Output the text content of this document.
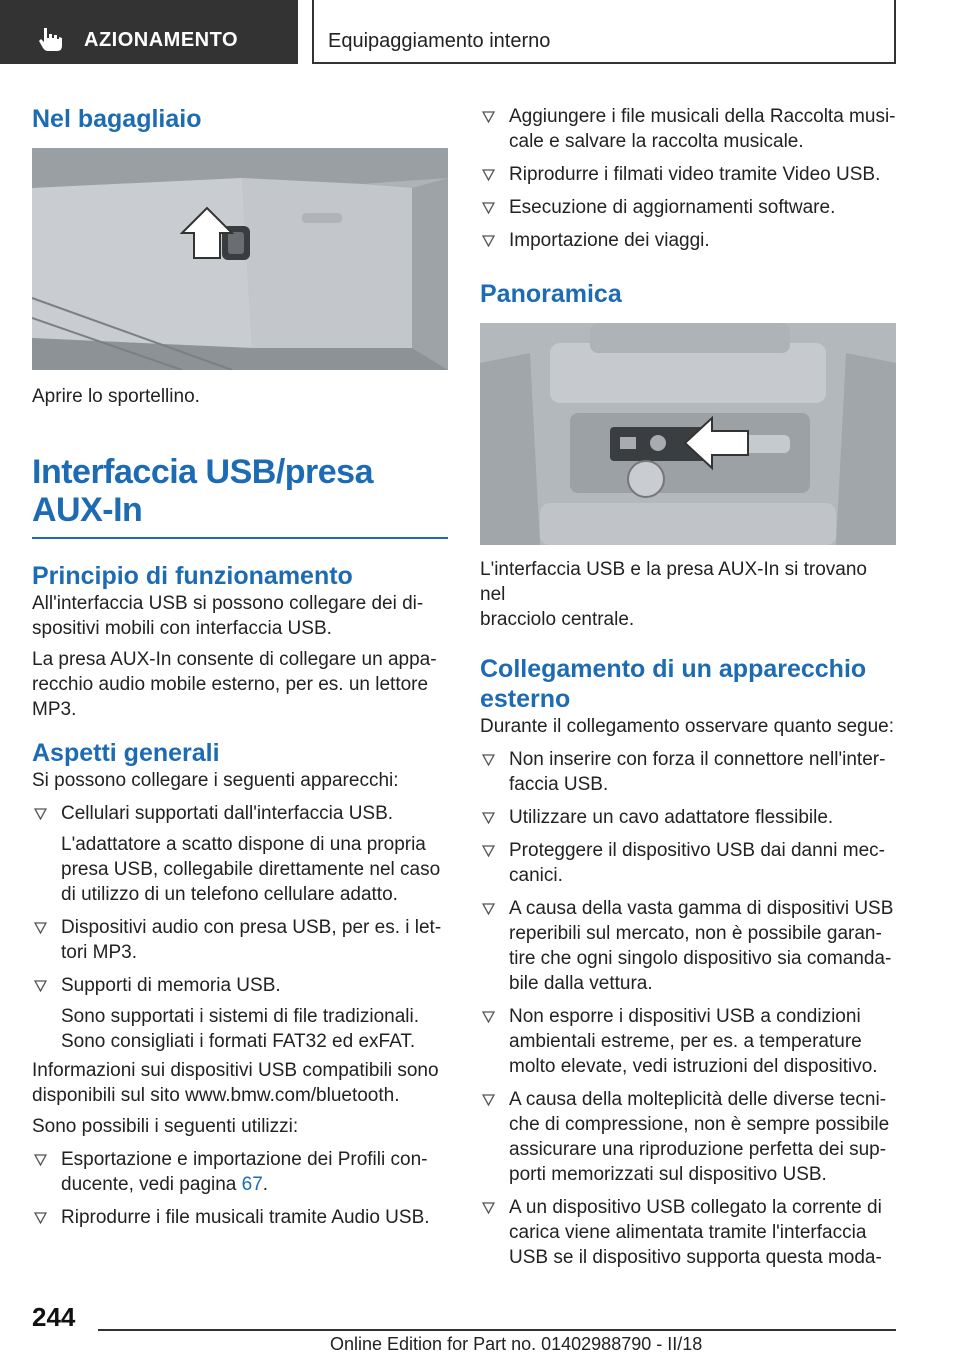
AZIONAMENTO	Equipaggiamento interno
Nel bagagliaio
Aprire lo sportellino.
Interfaccia USB/presa
AUX-In
Principio di funzionamento
All'interfaccia USB si possono collegare dei di-
spositivi mobili con interfaccia USB.
La presa AUX-In consente di collegare un appa-
recchio audio mobile esterno, per es. un lettore
MP3.
Aspetti generali
Si possono collegare i seguenti apparecchi:
Cellulari supportati dall'interfaccia USB.
L'adattatore a scatto dispone di una propria
presa USB, collegabile direttamente nel caso
di utilizzo di un telefono cellulare adatto.
Dispositivi audio con presa USB, per es. i let-
tori MP3.
Supporti di memoria USB.
Sono supportati i sistemi di file tradizionali.
Sono consigliati i formati FAT32 ed exFAT.
Informazioni sui dispositivi USB compatibili sono
disponibili sul sito www.bmw.com/bluetooth.
Sono possibili i seguenti utilizzi:
Esportazione e importazione dei Profili con-
ducente, vedi pagina 67.
Riprodurre i file musicali tramite Audio USB.
Aggiungere i file musicali della Raccolta musi-
cale e salvare la raccolta musicale.
Riprodurre i filmati video tramite Video USB.
Esecuzione di aggiornamenti software.
Importazione dei viaggi.
Panoramica
L'interfaccia USB e la presa AUX-In si trovano nel
bracciolo centrale.
Collegamento di un apparecchio
esterno
Durante il collegamento osservare quanto segue:
Non inserire con forza il connettore nell'inter-
faccia USB.
Utilizzare un cavo adattatore flessibile.
Proteggere il dispositivo USB dai danni mec-
canici.
A causa della vasta gamma di dispositivi USB
reperibili sul mercato, non è possibile garan-
tire che ogni singolo dispositivo sia comanda-
bile dalla vettura.
Non esporre i dispositivi USB a condizioni
ambientali estreme, per es. a temperature
molto elevate, vedi istruzioni del dispositivo.
A causa della molteplicità delle diverse tecni-
che di compressione, non è sempre possibile
assicurare una riproduzione perfetta dei sup-
porti memorizzati sul dispositivo USB.
A un dispositivo USB collegato la corrente di
carica viene alimentata tramite l'interfaccia
USB se il dispositivo supporta questa moda-
244
Online Edition for Part no. 01402988790 - II/18
